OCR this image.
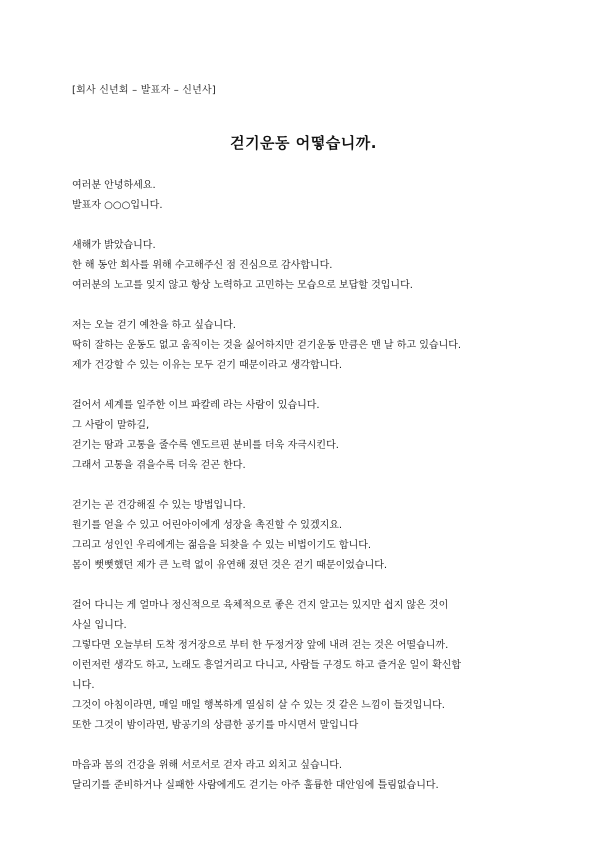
[회사 신년회 – 발표자 – 신년사]

걷기운동 어떻습니까.

여러분 안녕하세요.

발표자 ○○○입니다.

새해가 밝았습니다.

한 해 동안 회사를 위해 수고해주신 점 진심으로 감사합니다.

여러분의 노고를 잊지 않고 항상 노력하고 고민하는 모습으로 보답할 것입니다.

저는 오늘 걷기 예찬을 하고 싶습니다.

딱히 잘하는 운동도 없고 움직이는 것을 싫어하지만 걷기운동 만큼은 맨 날 하고 있습니다.

제가 건강할 수 있는 이유는 모두 걷기 때문이라고 생각합니다.

걸어서 세계를 일주한 이브 파칼레 라는 사람이 있습니다.

그 사람이 말하길,

걷기는 땀과 고통을 줄수록 엔도르핀 분비를 더욱 자극시킨다.

그래서 고통을 겪을수록 더욱 걷곤 한다.

걷기는 곧 건강해질 수 있는 방법입니다.

원기를 얻을 수 있고 어린아이에게 성장을 촉진할 수 있겠지요.

그리고 성인인 우리에게는 젊음을 되찾을 수 있는 비법이기도 합니다.

몸이 뻣뻣했던 제가 큰 노력 없이 유연해 졌던 것은 걷기 때문이었습니다.

걸어 다니는 게 얼마나 정신적으로 육체적으로 좋은 건지 알고는 있지만 쉽지 않은 것이

사실 입니다.

그렇다면 오늘부터 도착 정거장으로 부터 한 두정거장 앞에 내려 걷는 것은 어떨습니까.

이런저런 생각도 하고, 노래도 흥얼거리고 다니고, 사람들 구경도 하고 즐거운 일이 확신합

니다.

그것이 아침이라면, 매일 매일 행복하게 열심히 살 수 있는 것 같은 느낌이 들것입니다.

또한 그것이 밤이라면, 밤공기의 상큼한 공기를 마시면서 말입니다

마음과 몸의 건강을 위해 서로서로 걷자 라고 외치고 싶습니다.

달리기를 준비하거나 실패한 사람에게도 걷기는 아주 훌륭한 대안임에 틀림없습니다.
